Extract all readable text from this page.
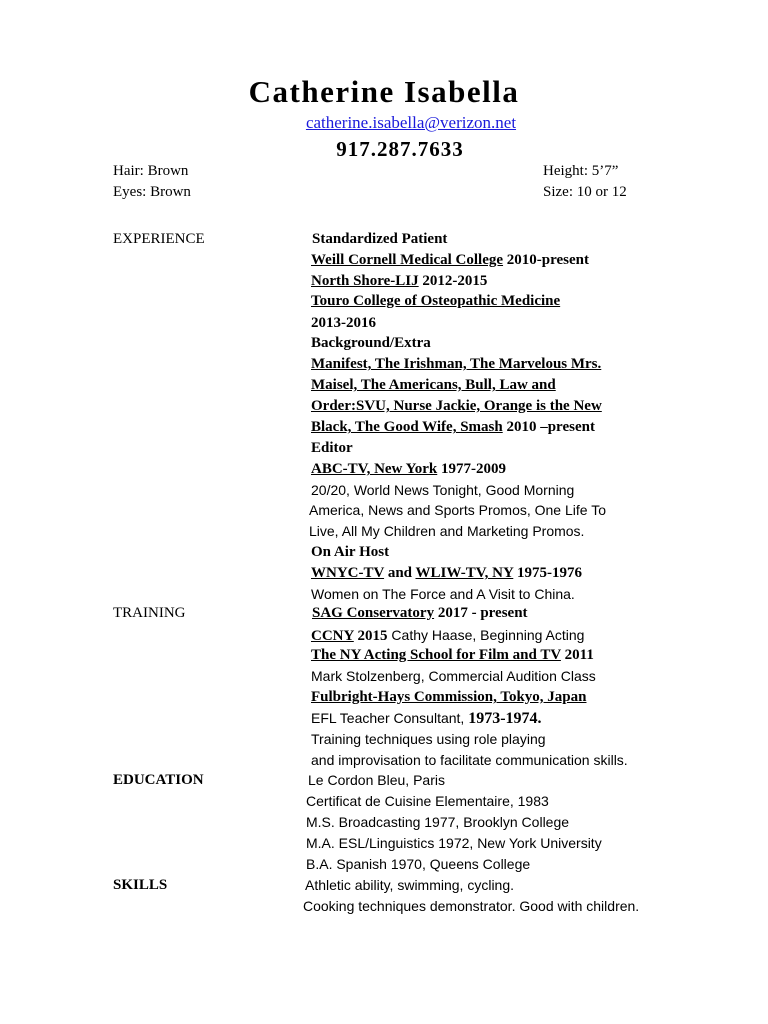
Catherine Isabella
catherine.isabella@verizon.net
917.287.7633
Hair: Brown
Eyes: Brown
Height: 5’7”
Size: 10 or 12
EXPERIENCE
TRAINING
EDUCATION
SKILLS
Standardized Patient
Weill Cornell Medical College 2010-present
North Shore-LIJ 2012-2015
Touro College of Osteopathic Medicine
2013-2016
Background/Extra
Manifest, The Irishman, The Marvelous Mrs.
Maisel, The Americans, Bull, Law and
Order:SVU, Nurse Jackie, Orange is the New
Black, The Good Wife, Smash 2010 –present
Editor
ABC-TV, New York 1977-2009
20/20, World News Tonight, Good Morning
America, News and Sports Promos, One Life To
Live, All My Children and Marketing Promos.
On Air Host
WNYC-TV and WLIW-TV, NY 1975-1976
Women on The Force and A Visit to China.
SAG Conservatory 2017 - present
CCNY 2015 Cathy Haase, Beginning Acting
The NY Acting School for Film and TV 2011
Mark Stolzenberg, Commercial Audition Class
Fulbright-Hays Commission, Tokyo, Japan
EFL Teacher Consultant, 1973-1974.
Training techniques using role playing
and improvisation to facilitate communication skills.
Le Cordon Bleu, Paris
Certificat de Cuisine Elementaire, 1983
M.S. Broadcasting 1977, Brooklyn College
M.A. ESL/Linguistics 1972, New York University
B.A. Spanish 1970, Queens College
Athletic ability, swimming, cycling.
Cooking techniques demonstrator. Good with children.
